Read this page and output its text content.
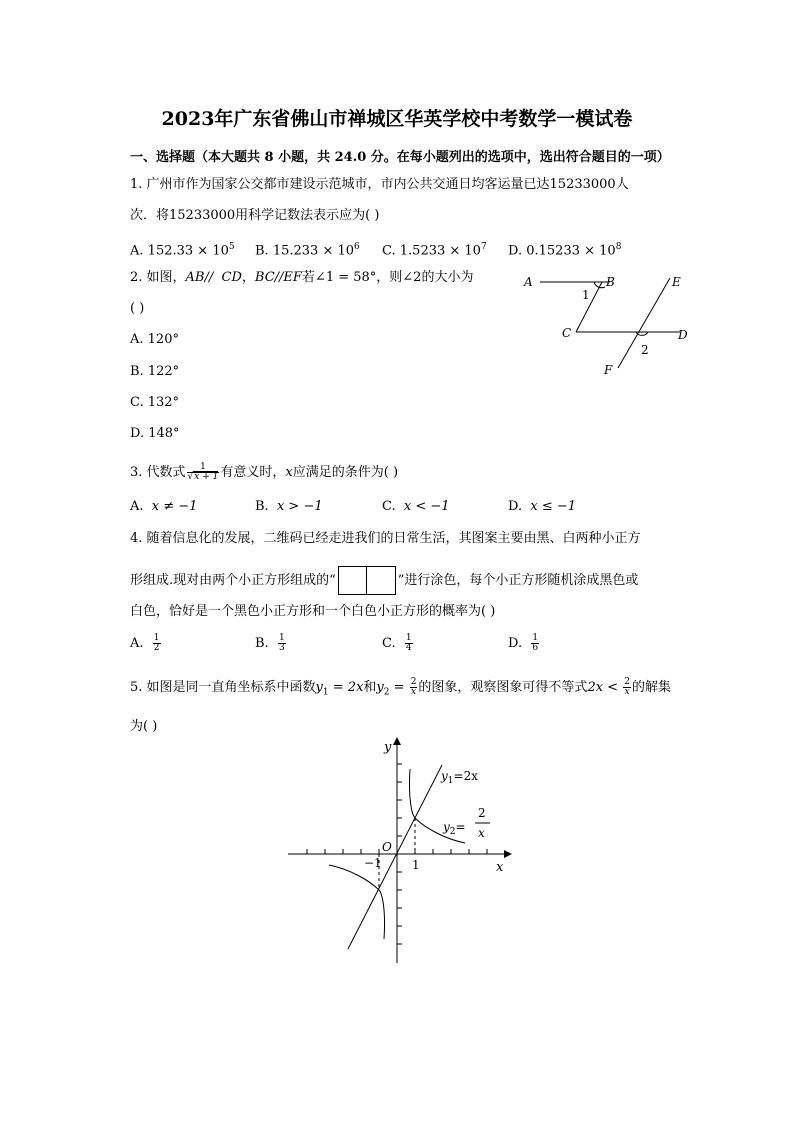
2023年广东省佛山市禅城区华英学校中考数学一模试卷
一、选择题（本大题共 8 小题，共 24.0 分。在每小题列出的选项中，选出符合题目的一项）
1. 广州市作为国家公交都市建设示范城市，市内公共交通日均客运量已达15233000人
次．将15233000用科学记数法表示应为( )
A. $152.33 \times 10^5$ B. $15.233 \times 10^6$ C. $1.5233 \times 10^7$ D. $0.15233 \times 10^8$
2. 如图，AB// CD，BC//EF若∠1 = 58°，则∠2的大小为
( )
A. 120°
B. 122°
C. 132°
D. 148°
A	B
C	D
E
F
1
2
3. 代数式 $\frac{1}{√x + 1}$ 有意义时，x应满足的条件为( )
A. x ≠ −1	B. x > −1	C. x < −1	D. x ≤ −1
4. 随着信息化的发展，二维码已经走进我们的日常生活，其图案主要由黑、白两种小正方
形组成.现对由两个小正方形组成的“	”进行涂色，每个小正方形随机涂成黑色或
白色，恰好是一个黑色小正方形和一个白色小正方形的概率为( )
A. $\frac{1}{2}$	B. $\frac{1}{3}$	C. $\frac{1}{4}$	D. $\frac{1}{6}$
5. 如图是同一直角坐标系中函数$y_1 = 2x$和$y_2 = \frac{2}{x}$ 的图象，观察图象可得不等式$2x < \frac{2}{x}$ 的解集
为( )
y
x
O
1
−1
$y_1=2x$
$y_2=$
2
x
